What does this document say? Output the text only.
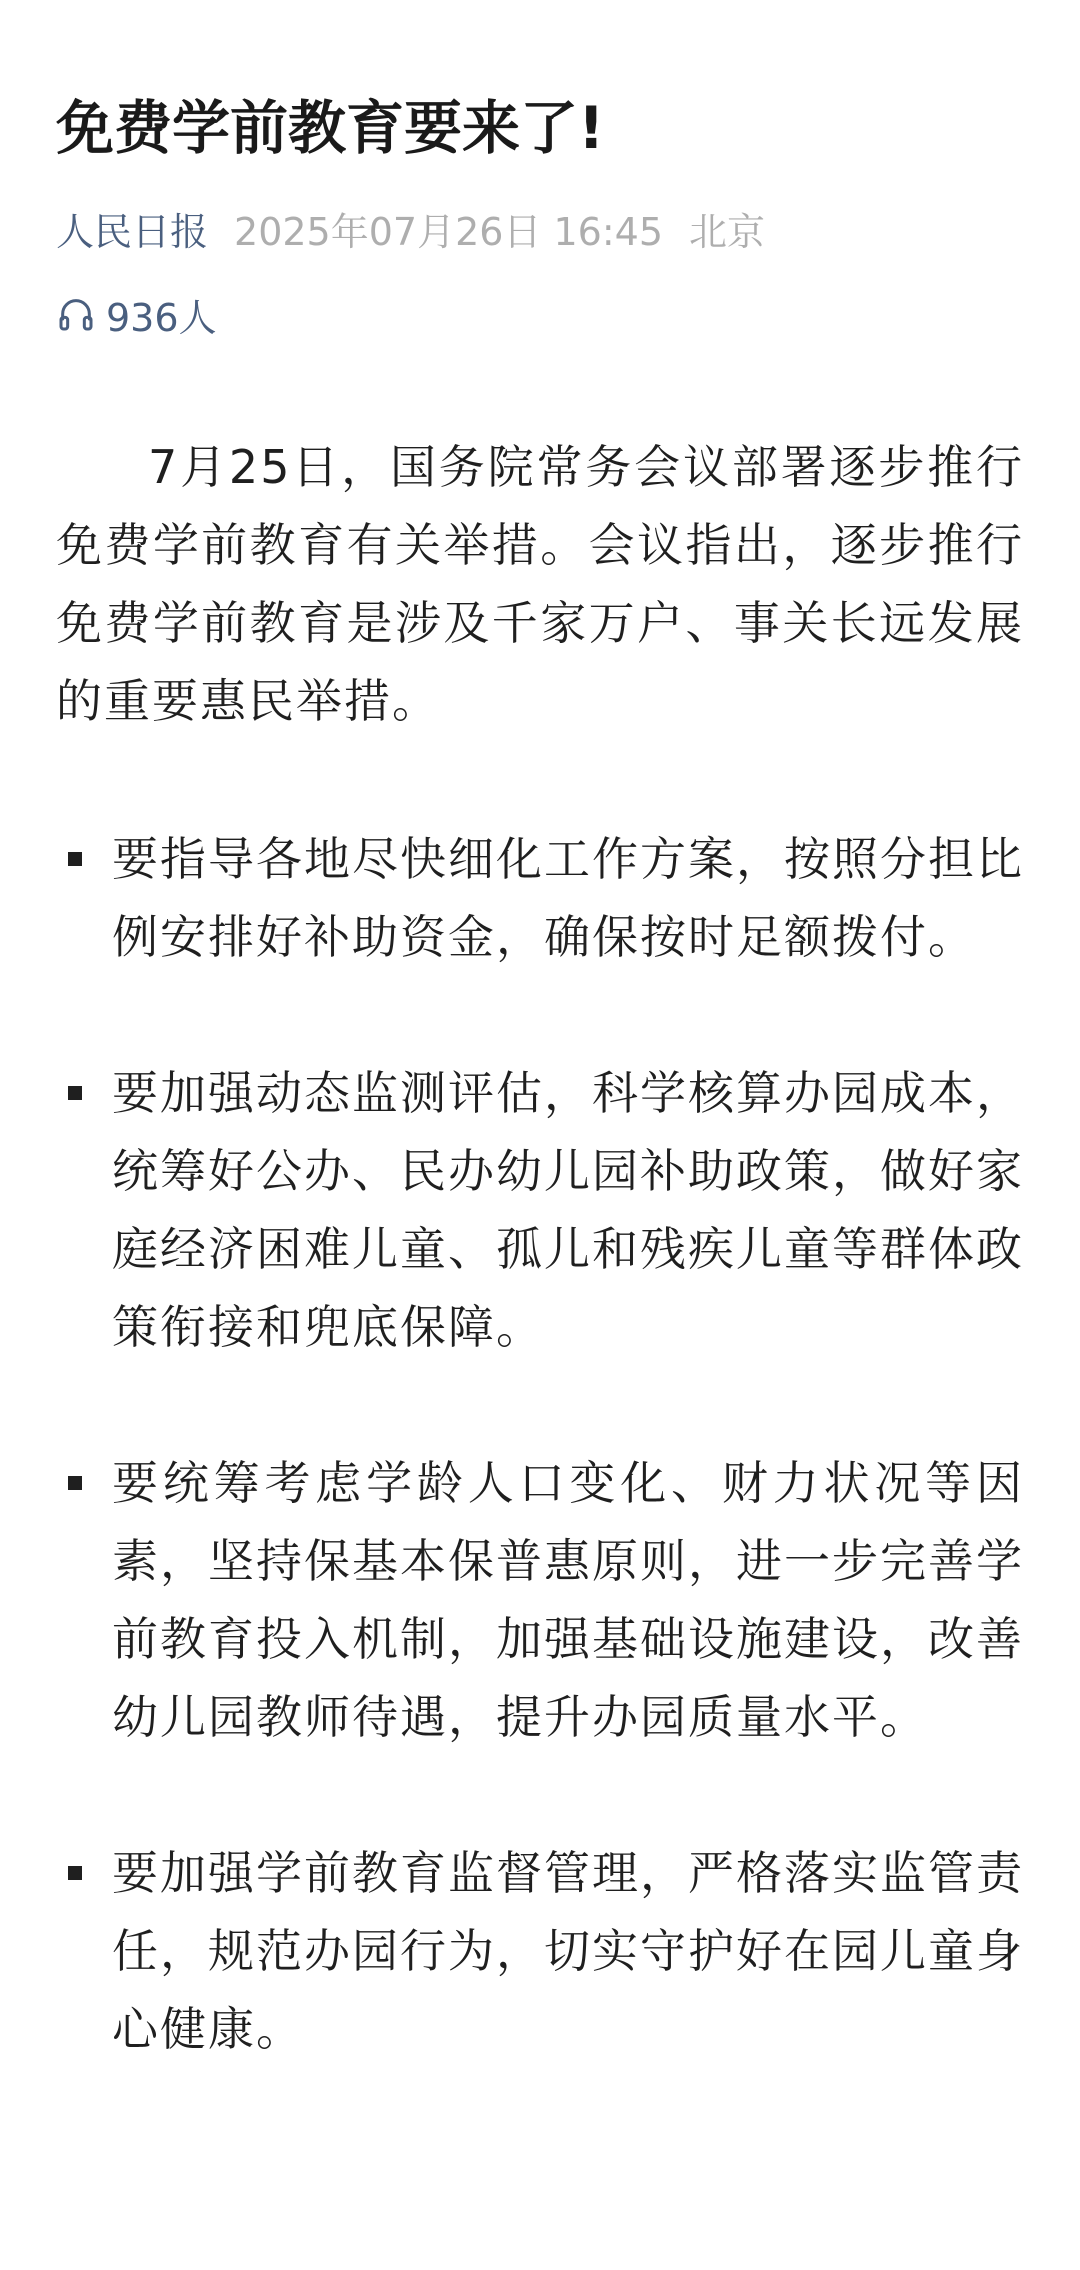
免费学前教育要来了!
人民日报 2025年07月26日 16:45 北京
936人

7月25日，国务院常务会议部署逐步推行免费学前教育有关举措。会议指出，逐步推行免费学前教育是涉及千家万户、事关长远发展的重要惠民举措。

要指导各地尽快细化工作方案，按照分担比例安排好补助资金，确保按时足额拨付。
要加强动态监测评估，科学核算办园成本，统筹好公办、民办幼儿园补助政策，做好家庭经济困难儿童、孤儿和残疾儿童等群体政策衔接和兜底保障。
要统筹考虑学龄人口变化、财力状况等因素，坚持保基本保普惠原则，进一步完善学前教育投入机制，加强基础设施建设，改善幼儿园教师待遇，提升办园质量水平。
要加强学前教育监督管理，严格落实监管责任，规范办园行为，切实守护好在园儿童身心健康。
